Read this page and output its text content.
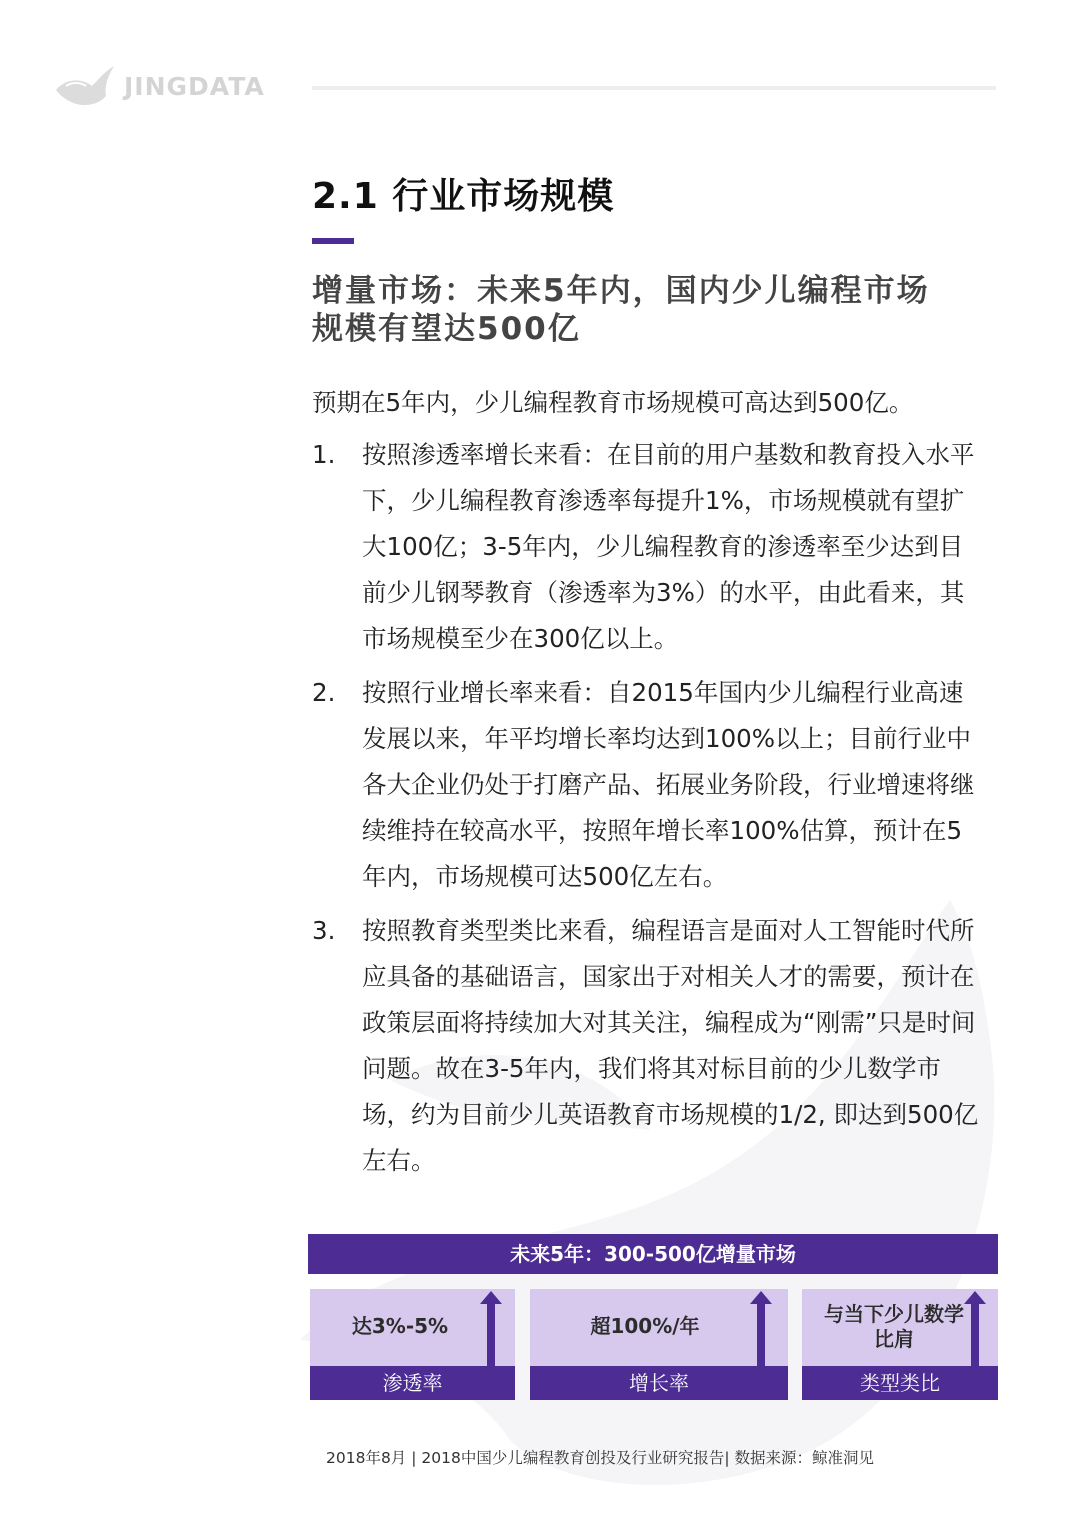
JINGDATA
2.1 行业市场规模
增量市场：未来5年内，国内少儿编程市场
规模有望达500亿

预期在5年内，少儿编程教育市场规模可高达到500亿。

1.	按照渗透率增长来看：在目前的用户基数和教育投入水平下，少儿编程教育渗透率每提升1%，市场规模就有望扩大100亿；3-5年内，少儿编程教育的渗透率至少达到目前少儿钢琴教育（渗透率为3%）的水平，由此看来，其市场规模至少在300亿以上。
2.	按照行业增长率来看：自2015年国内少儿编程行业高速发展以来，年平均增长率均达到100%以上；目前行业中各大企业仍处于打磨产品、拓展业务阶段，行业增速将继续维持在较高水平，按照年增长率100%估算，预计在5年内，市场规模可达500亿左右。
3.	按照教育类型类比来看，编程语言是面对人工智能时代所应具备的基础语言，国家出于对相关人才的需要，预计在政策层面将持续加大对其关注，编程成为“刚需”只是时间问题。故在3-5年内，我们将其对标目前的少儿数学市场，约为目前少儿英语教育市场规模的1/2, 即达到500亿左右。
未来5年：300-500亿增量市场
达3%-5%
渗透率
超100%/年
增长率
与当下少儿数学比肩
类型类比
2018年8月 | 2018中国少儿编程教育创投及行业研究报告| 数据来源：鲸准洞见
